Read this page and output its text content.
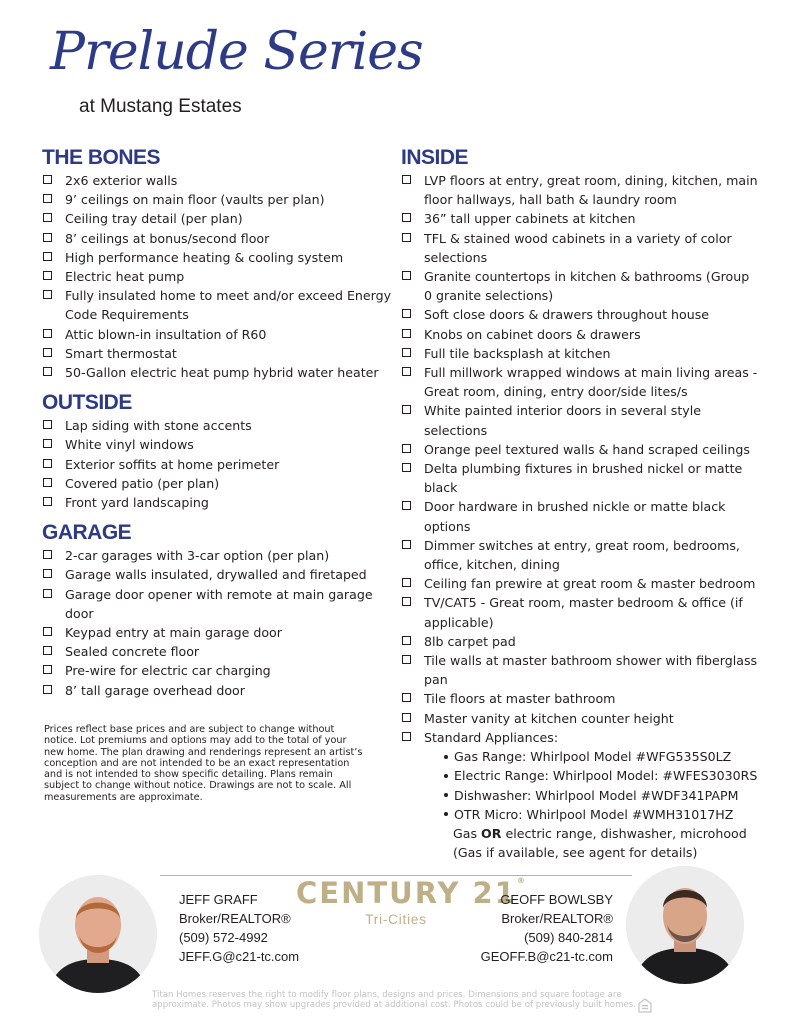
Prelude Series
at Mustang Estates
THE BONES
2x6 exterior walls
9’ ceilings on main floor (vaults per plan)
Ceiling tray detail (per plan)
8’ ceilings at bonus/second floor
High performance heating & cooling system
Electric heat pump
Fully insulated home to meet and/or exceed Energy Code Requirements
Attic blown-in insultation of R60
Smart thermostat
50-Gallon electric heat pump hybrid water heater
OUTSIDE
Lap siding with stone accents
White vinyl windows
Exterior soffits at home perimeter
Covered patio (per plan)
Front yard landscaping
GARAGE
2-car garages with 3-car option (per plan)
Garage walls insulated, drywalled and firetaped
Garage door opener with remote at main garage door
Keypad entry at main garage door
Sealed concrete floor
Pre-wire for electric car charging
8’ tall garage overhead door
INSIDE
LVP floors at entry, great room, dining, kitchen, main floor hallways, hall bath & laundry room
36” tall upper cabinets at kitchen
TFL & stained wood cabinets in a variety of color selections
Granite countertops in kitchen & bathrooms (Group 0 granite selections)
Soft close doors & drawers throughout house
Knobs on cabinet doors & drawers
Full tile backsplash at kitchen
Full millwork wrapped windows at main living areas - Great room, dining, entry door/side lites/s
White painted interior doors in several style selections
Orange peel textured walls & hand scraped ceilings
Delta plumbing fixtures in brushed nickel or matte black
Door hardware in brushed nickle or matte black options
Dimmer switches at entry, great room, bedrooms, office, kitchen, dining
Ceiling fan prewire at great room & master bedroom
TV/CAT5 - Great room, master bedroom & office (if applicable)
8lb carpet pad
Tile walls at master bathroom shower with fiberglass pan
Tile floors at master bathroom
Master vanity at kitchen counter height
Standard Appliances:
Gas Range: Whirlpool Model #WFG535S0LZ
Electric Range: Whirlpool Model: #WFES3030RS
Dishwasher: Whirlpool Model #WDF341PAPM
OTR Micro: Whirlpool Model #WMH31017HZ
Gas OR electric range, dishwasher, microhood
(Gas if available, see agent for details)
Prices reflect base prices and are subject to change without notice. Lot premiums and options may add to the total of your new home. The plan drawing and renderings represent an artist’s conception and are not intended to be an exact representation and is not intended to show specific detailing. Plans remain subject to change without notice. Drawings are not to scale. All measurements are approximate.
JEFF GRAFF
Broker/REALTOR®
(509) 572-4992
JEFF.G@c21-tc.com
CENTURY 21®
Tri-Cities
GEOFF BOWLSBY
Broker/REALTOR®
(509) 840-2814
GEOFF.B@c21-tc.com
Titan Homes reserves the right to modify floor plans, designs and prices. Dimensions and square footage are approximate. Photos may show upgrades provided at additional cost. Photos could be of previously built homes.
